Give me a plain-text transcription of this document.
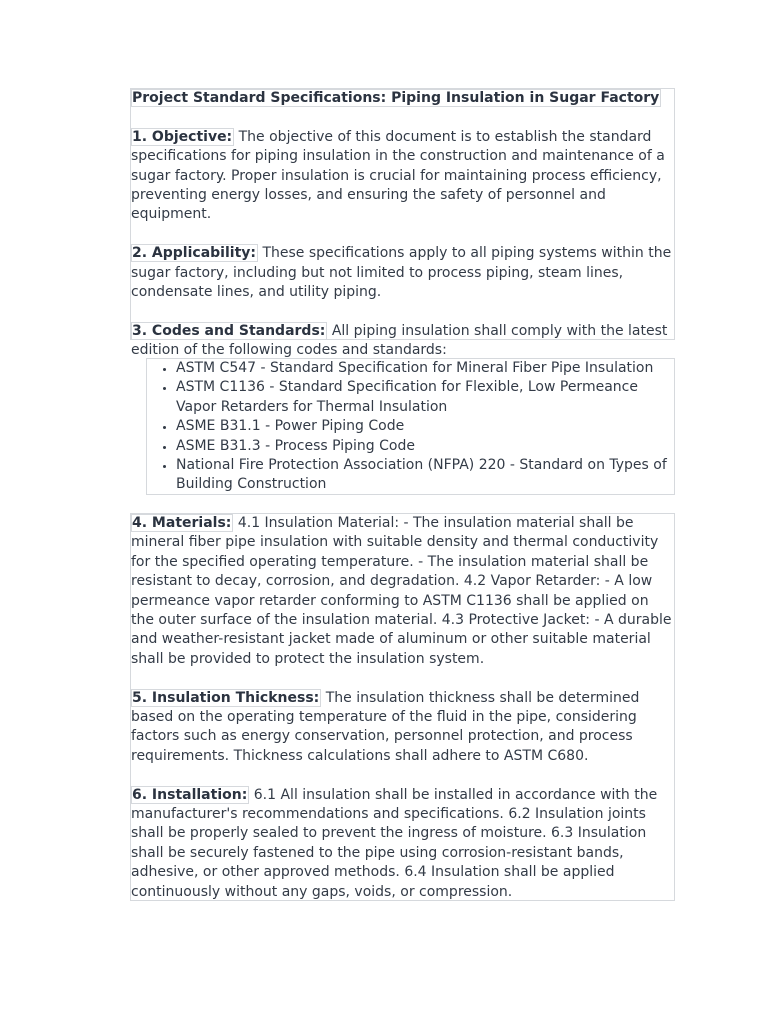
Project Standard Specifications: Piping Insulation in Sugar Factory

1. Objective: The objective of this document is to establish the standard specifications for piping insulation in the construction and maintenance of a sugar factory. Proper insulation is crucial for maintaining process efficiency, preventing energy losses, and ensuring the safety of personnel and equipment.

2. Applicability: These specifications apply to all piping systems within the sugar factory, including but not limited to process piping, steam lines, condensate lines, and utility piping.

3. Codes and Standards: All piping insulation shall comply with the latest edition of the following codes and standards:

• ASTM C547 - Standard Specification for Mineral Fiber Pipe Insulation
• ASTM C1136 - Standard Specification for Flexible, Low Permeance Vapor Retarders for Thermal Insulation
• ASME B31.1 - Power Piping Code
• ASME B31.3 - Process Piping Code
• National Fire Protection Association (NFPA) 220 - Standard on Types of Building Construction

4. Materials: 4.1 Insulation Material: - The insulation material shall be mineral fiber pipe insulation with suitable density and thermal conductivity for the specified operating temperature. - The insulation material shall be resistant to decay, corrosion, and degradation. 4.2 Vapor Retarder: - A low permeance vapor retarder conforming to ASTM C1136 shall be applied on the outer surface of the insulation material. 4.3 Protective Jacket: - A durable and weather-resistant jacket made of aluminum or other suitable material shall be provided to protect the insulation system.

5. Insulation Thickness: The insulation thickness shall be determined based on the operating temperature of the fluid in the pipe, considering factors such as energy conservation, personnel protection, and process requirements. Thickness calculations shall adhere to ASTM C680.

6. Installation: 6.1 All insulation shall be installed in accordance with the manufacturer's recommendations and specifications. 6.2 Insulation joints shall be properly sealed to prevent the ingress of moisture. 6.3 Insulation shall be securely fastened to the pipe using corrosion-resistant bands, adhesive, or other approved methods. 6.4 Insulation shall be applied continuously without any gaps, voids, or compression.
